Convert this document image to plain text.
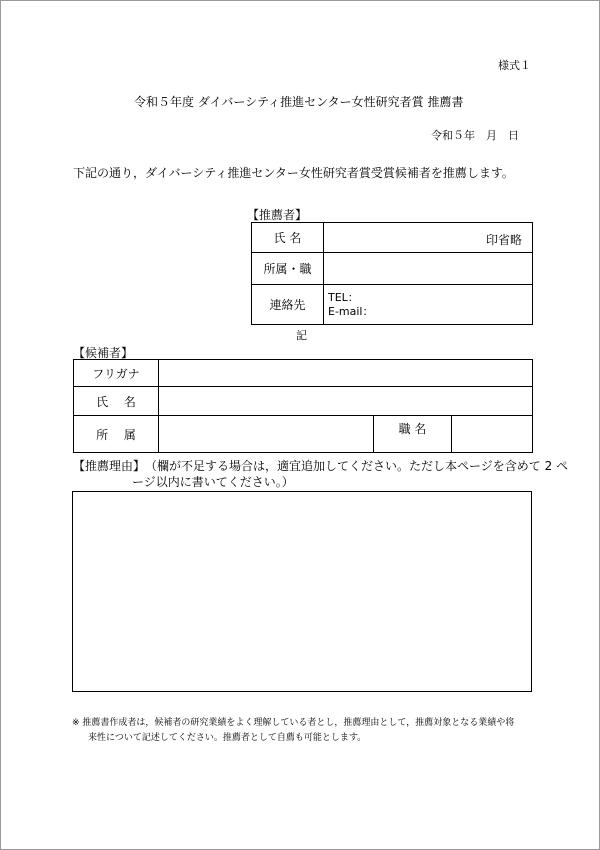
様式１
令和５年度 ダイバーシティ推進センター女性研究者賞 推薦書
令和５年　月　日
下記の通り，ダイバーシティ推進センター女性研究者賞受賞候補者を推薦します。
【推薦者】
氏 名	印省略

所属・職	
連絡先	TEL：
E-mail：
記
【候補者】
フリガナ			
氏　 名			
所　 属		職 名	
【推薦理由】 （欄が不足する場合は，適宜追加してください。ただし本ページを含めて 2 ペ
ージ以内に書いてください。）
※ 推薦書作成者は，候補者の研究業績をよく理解している者とし，推薦理由として，推薦対象となる業績や将
来性について記述してください。推薦者として自薦も可能とします。
